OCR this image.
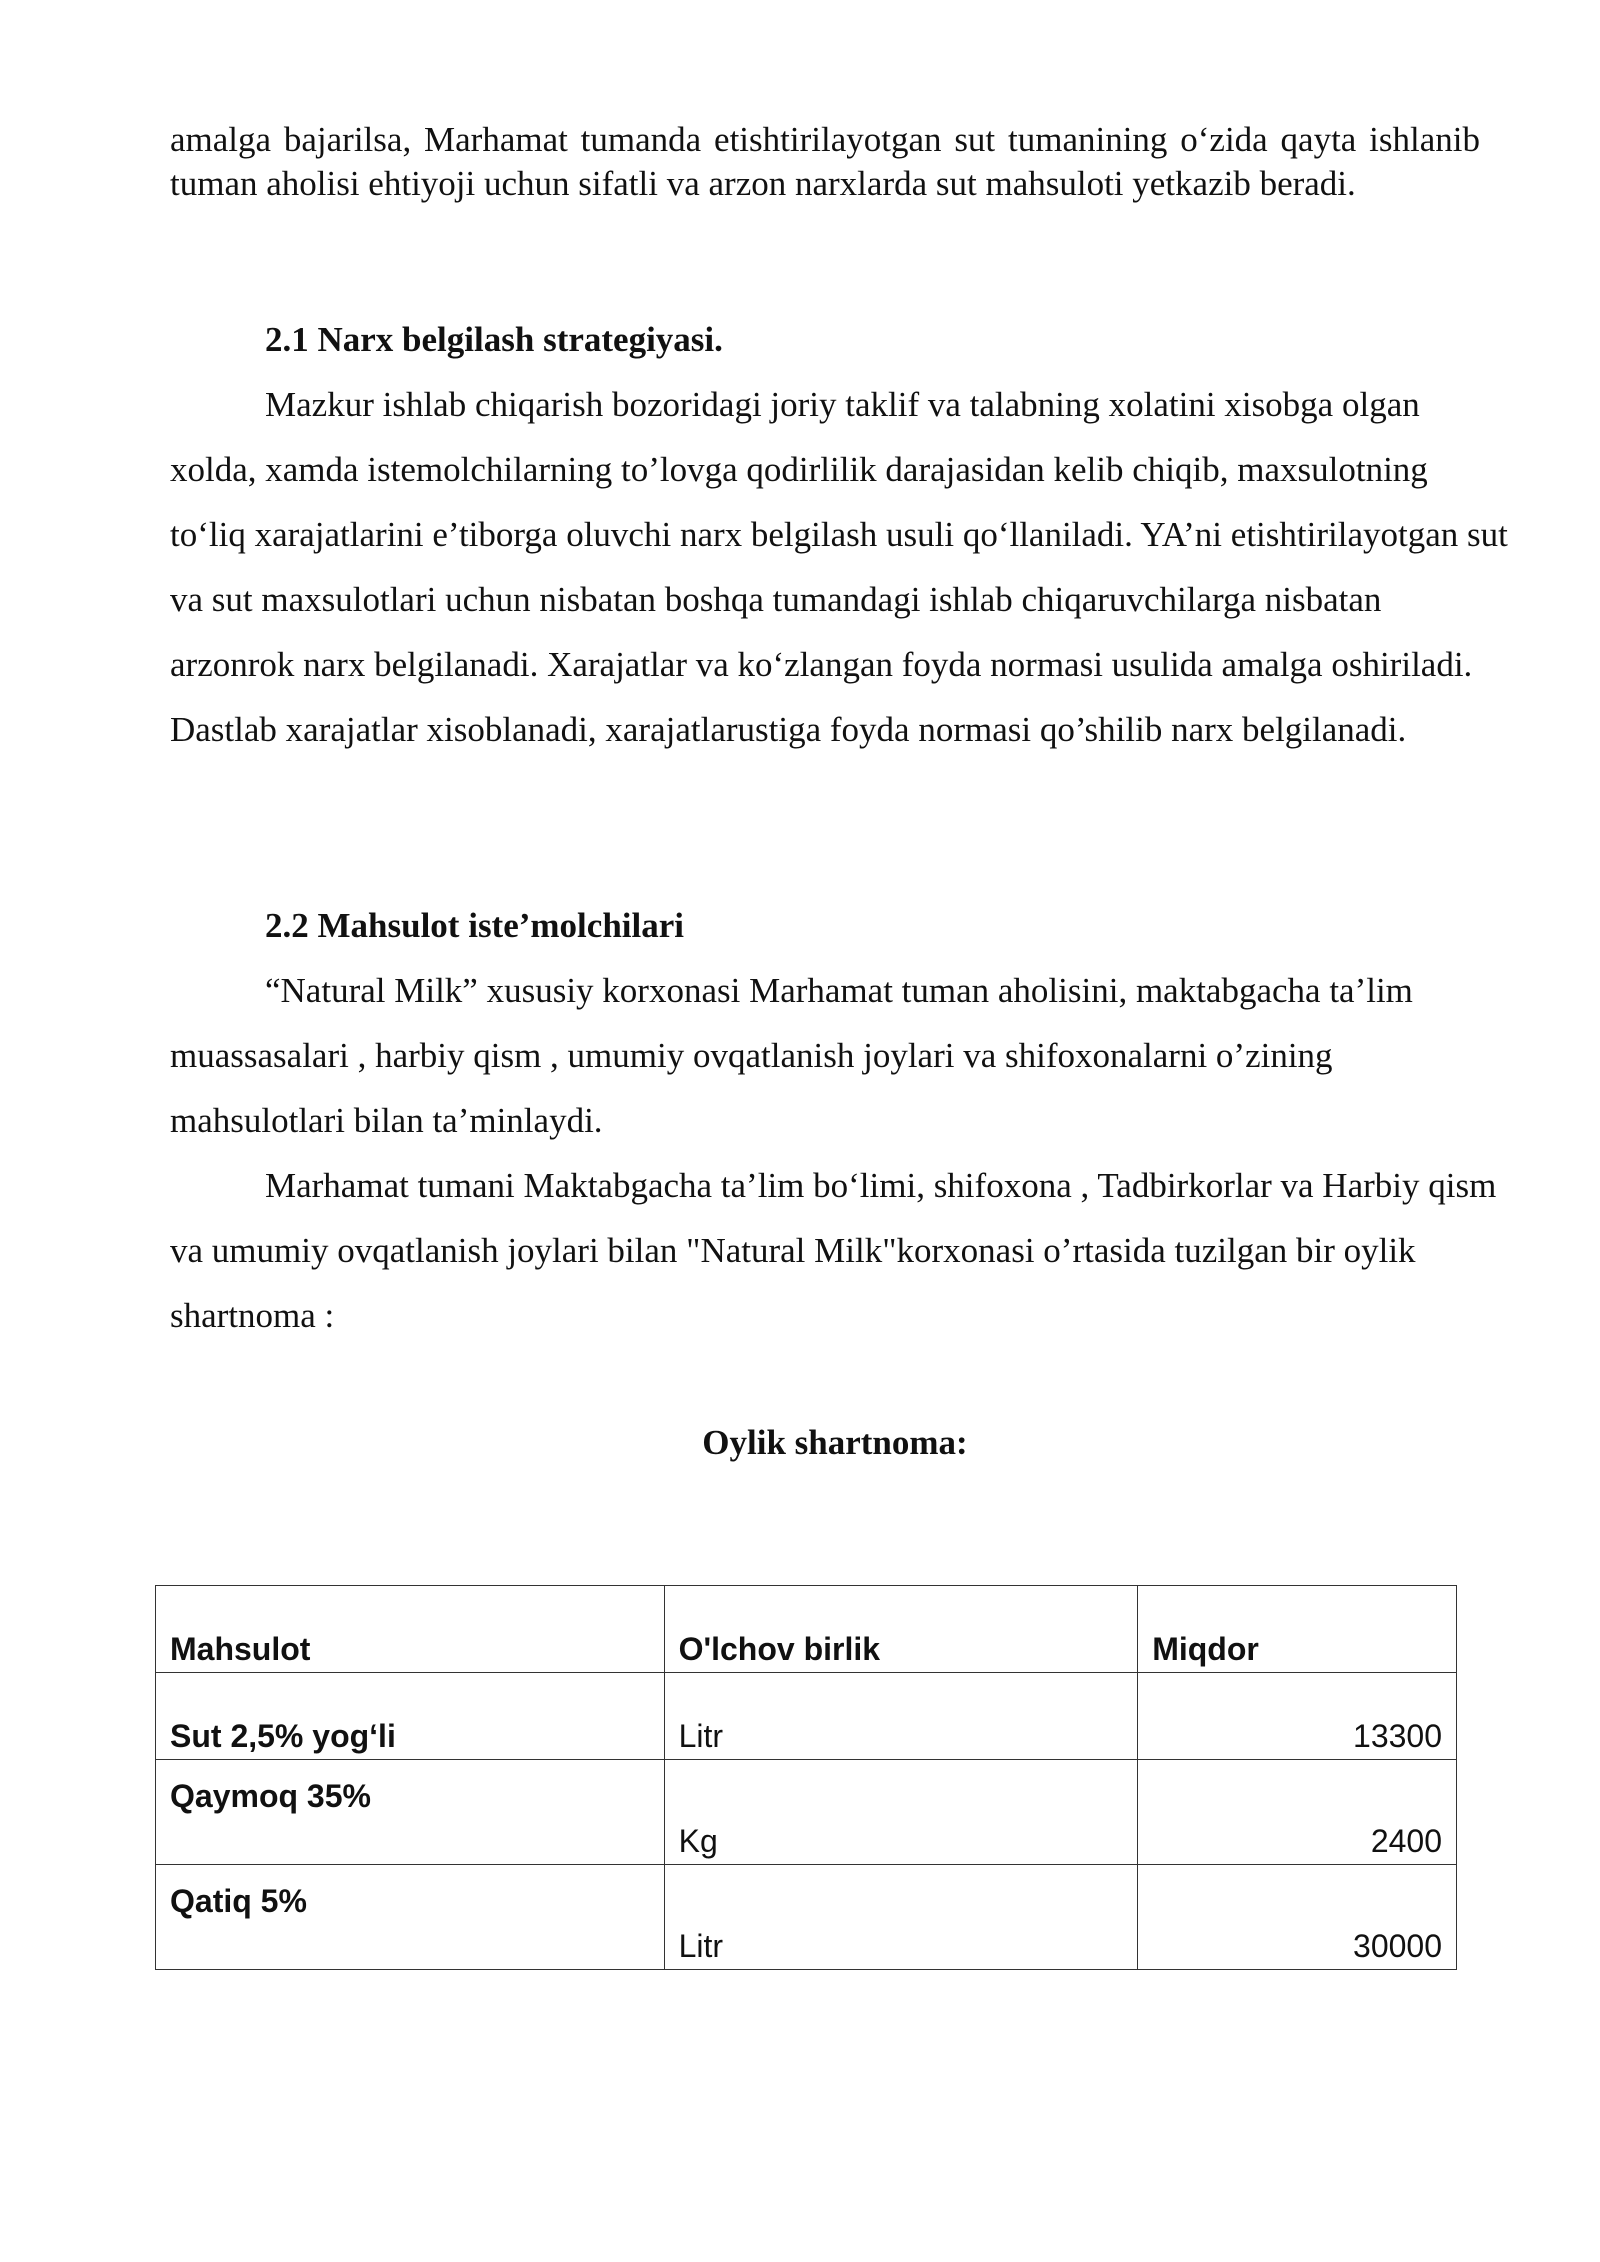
amalga bajarilsa, Marhamat tumanda etishtirilayotgan sut tumanining o‘zida qayta ishlanib tuman aholisi ehtiyoji uchun sifatli va arzon narxlarda sut mahsuloti yetkazib beradi.

2.1 Narx belgilash strategiyasi.

Mazkur ishlab chiqarish bozoridagi joriy taklif va talabning xolatini xisobga olgan xolda, xamda istemolchilarning to’lovga qodirlilik darajasidan kelib chiqib, maxsulotning to‘liq xarajatlarini e’tiborga oluvchi narx belgilash usuli qo‘llaniladi. YA’ni etishtirilayotgan sut va sut maxsulotlari uchun nisbatan boshqa tumandagi ishlab chiqaruvchilarga nisbatan arzonrok narx belgilanadi. Xarajatlar va ko‘zlangan foyda normasi usulida amalga oshiriladi. Dastlab xarajatlar xisoblanadi, xarajatlarustiga foyda normasi qo’shilib narx belgilanadi.

2.2 Mahsulot iste’molchilari

“Natural Milk” xususiy korxonasi Marhamat tuman aholisini, maktabgacha ta’lim muassasalari , harbiy qism , umumiy ovqatlanish joylari va shifoxonalarni o’zining mahsulotlari bilan ta’minlaydi.

Marhamat tumani Maktabgacha ta’lim bo‘limi, shifoxona , Tadbirkorlar va Harbiy qism va umumiy ovqatlanish joylari bilan "Natural Milk"korxonasi o’rtasida tuzilgan bir oylik shartnoma :

Oylik shartnoma:

Mahsulot	O'lchov birlik	Miqdor
Sut 2,5% yog‘li	Litr	13300
Qaymoq 35%	Kg	2400
Qatiq 5%	Litr	30000
